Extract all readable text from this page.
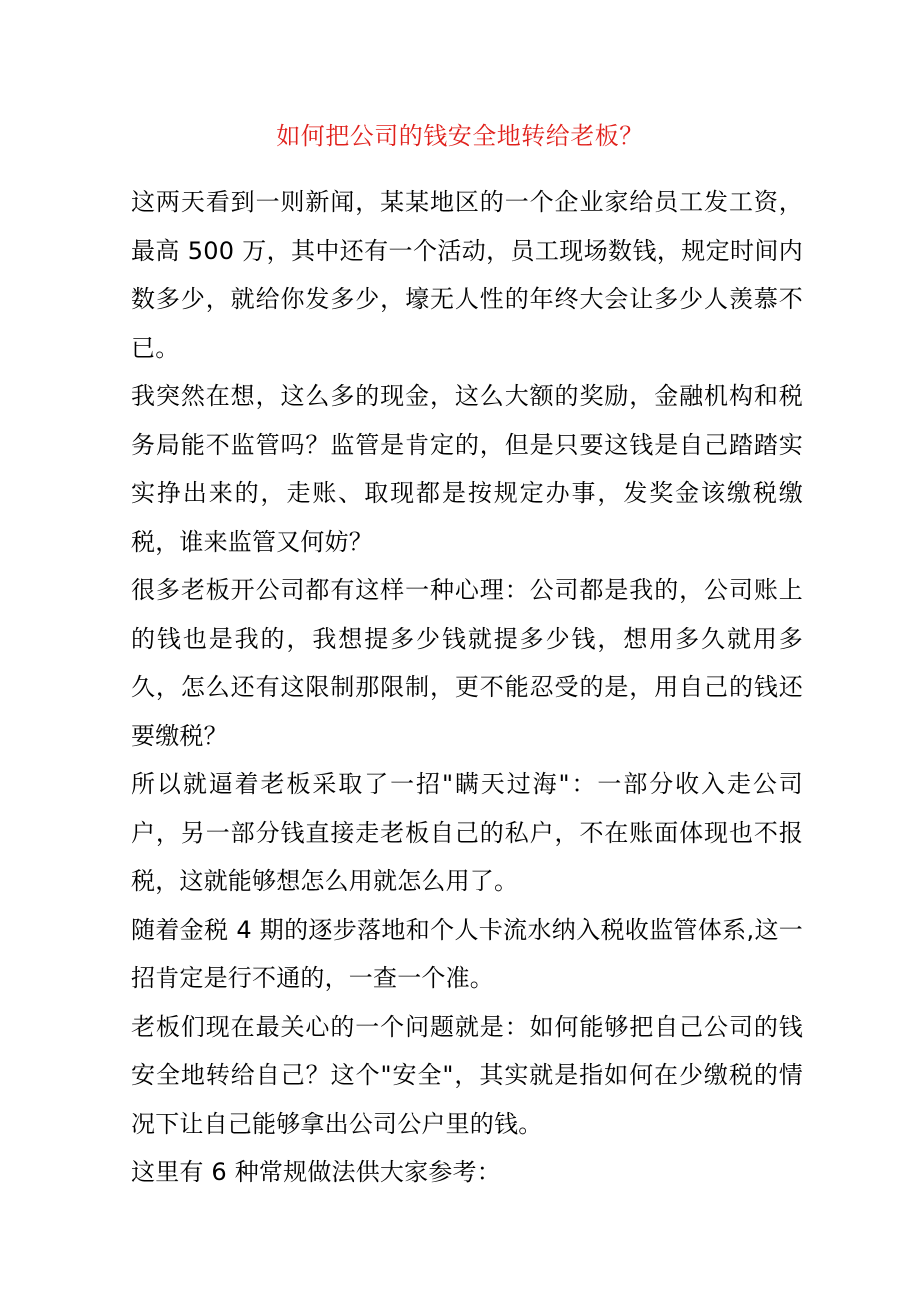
如何把公司的钱安全地转给老板？

这两天看到一则新闻，某某地区的一个企业家给员工发工资，最高 500 万，其中还有一个活动，员工现场数钱，规定时间内数多少，就给你发多少，壕无人性的年终大会让多少人羡慕不已。

我突然在想，这么多的现金，这么大额的奖励，金融机构和税务局能不监管吗？监管是肯定的，但是只要这钱是自己踏踏实实挣出来的，走账、取现都是按规定办事，发奖金该缴税缴税，谁来监管又何妨？

很多老板开公司都有这样一种心理：公司都是我的，公司账上的钱也是我的，我想提多少钱就提多少钱，想用多久就用多久，怎么还有这限制那限制，更不能忍受的是，用自己的钱还要缴税？

所以就逼着老板采取了一招"瞒天过海"：一部分收入走公司户，另一部分钱直接走老板自己的私户，不在账面体现也不报税，这就能够想怎么用就怎么用了。

随着金税 4 期的逐步落地和个人卡流水纳入税收监管体系,这一招肯定是行不通的，一查一个准。

老板们现在最关心的一个问题就是：如何能够把自己公司的钱安全地转给自己？这个"安全"，其实就是指如何在少缴税的情况下让自己能够拿出公司公户里的钱。

这里有 6 种常规做法供大家参考：
